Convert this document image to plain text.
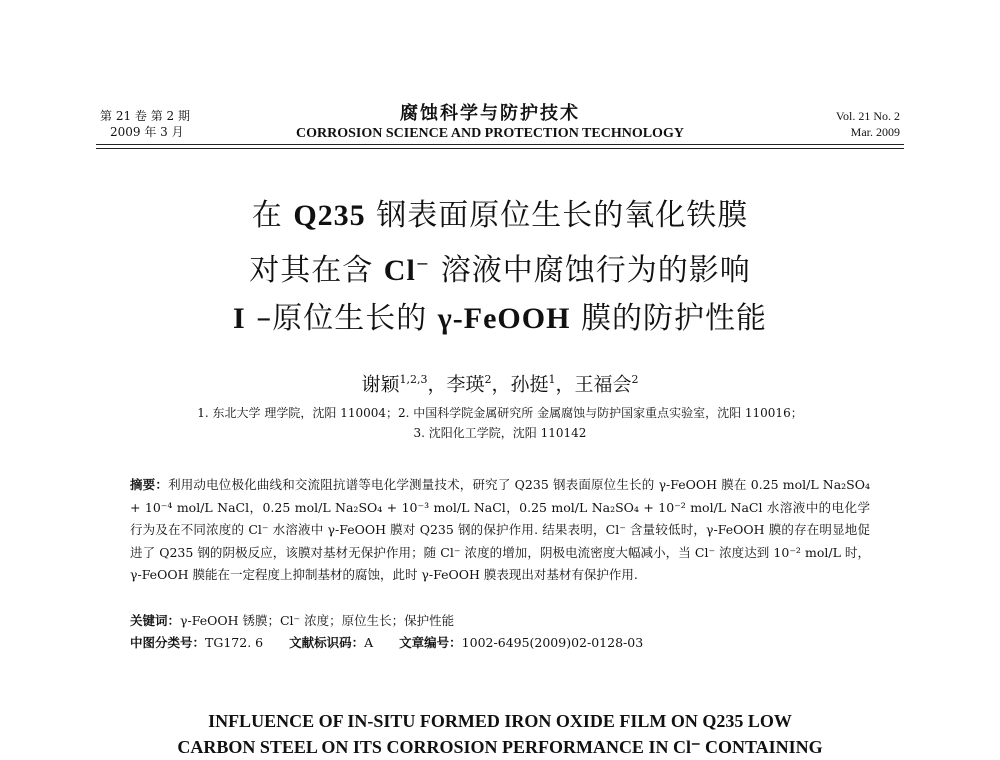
第 21 卷 第 2 期
2009 年 3 月
腐蚀科学与防护技术
CORROSION SCIENCE AND PROTECTION TECHNOLOGY
Vol. 21 No. 2
Mar. 2009
在 Q235 钢表面原位生长的氧化铁膜
对其在含 Cl− 溶液中腐蚀行为的影响
I –原位生长的 γ-FeOOH 膜的防护性能
谢颖$^{1,2,3}$，李瑛$^2$，孙挺$^1$，王福会$^2$
1. 东北大学 理学院，沈阳 110004；2. 中国科学院金属研究所 金属腐蚀与防护国家重点实验室，沈阳 110016；
3. 沈阳化工学院，沈阳 110142
摘要：利用动电位极化曲线和交流阻抗谱等电化学测量技术，研究了 Q235 钢表面原位生长的 γ-FeOOH 膜在 0.25 mol/L Na₂SO₄ + 10⁻⁴ mol/L NaCl，0.25 mol/L Na₂SO₄ + 10⁻³ mol/L NaCl，0.25 mol/L Na₂SO₄ + 10⁻² mol/L NaCl 水溶液中的电化学行为及在不同浓度的 Cl⁻ 水溶液中 γ-FeOOH 膜对 Q235 钢的保护作用. 结果表明，Cl⁻ 含量较低时，γ-FeOOH 膜的存在明显地促进了 Q235 钢的阴极反应，该膜对基材无保护作用；随 Cl⁻ 浓度的增加，阴极电流密度大幅减小，当 Cl⁻ 浓度达到 10⁻² mol/L 时，γ-FeOOH 膜能在一定程度上抑制基材的腐蚀，此时 γ-FeOOH 膜表现出对基材有保护作用.
关键词：γ-FeOOH 锈膜；Cl⁻ 浓度；原位生长；保护性能
中图分类号：TG172. 6 文献标识码：A 文章编号：1002-6495(2009)02-0128-03
INFLUENCE OF IN-SITU FORMED IRON OXIDE FILM ON Q235 LOW
CARBON STEEL ON ITS CORROSION PERFORMANCE IN Cl⁻ CONTAINING
